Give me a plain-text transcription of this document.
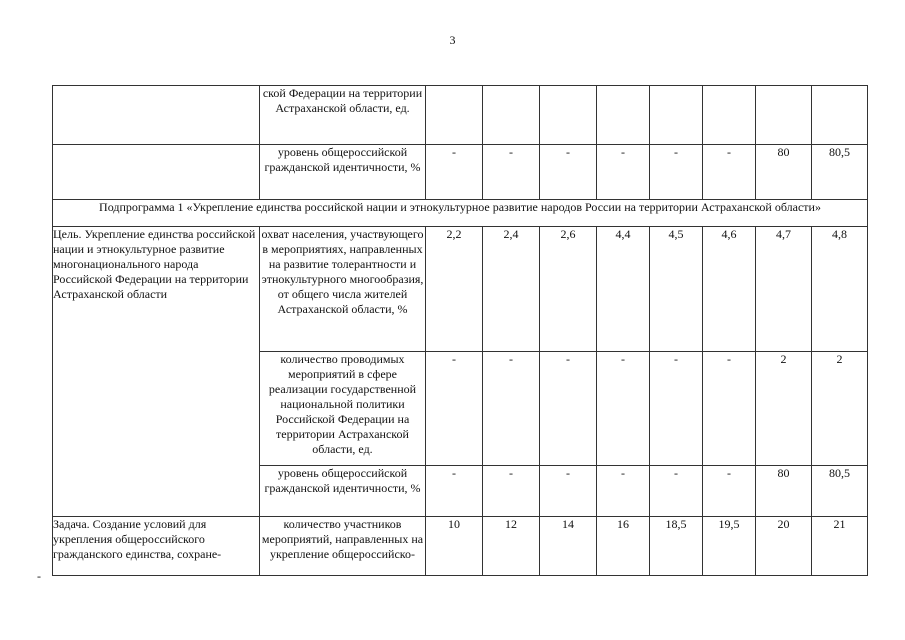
3
	ской Федерации на территории Астраханской области, ед.								
	уровень общероссийской гражданской идентичности, %	-	-	-	-	-	-	80	80,5
Подпрограмма 1 «Укрепление единства российской нации и этнокультурное развитие народов России на территории Астраханской области»									
Цель. Укрепление единства российской нации и этнокультурное развитие многонационального народа Российской Федерации на территории Астраханской области	охват населения, участвующего в мероприятиях, направленных на развитие толерантности и этнокультурного многообразия, от общего числа жителей Астраханской области, %	2,2	2,4	2,6	4,4	4,5	4,6	4,7	4,8
	количество проводимых мероприятий в сфере реализации государственной национальной политики Российской Федерации на территории Астраханской области, ед.	-	-	-	-	-	-	2	2
	уровень общероссийской гражданской идентичности, %	-	-	-	-	-	-	80	80,5
Задача. Создание условий для укрепления общероссийского гражданского единства, сохране-	количество участников мероприятий, направленных на укрепление общероссийско-	10	12	14	16	18,5	19,5	20	21
-
